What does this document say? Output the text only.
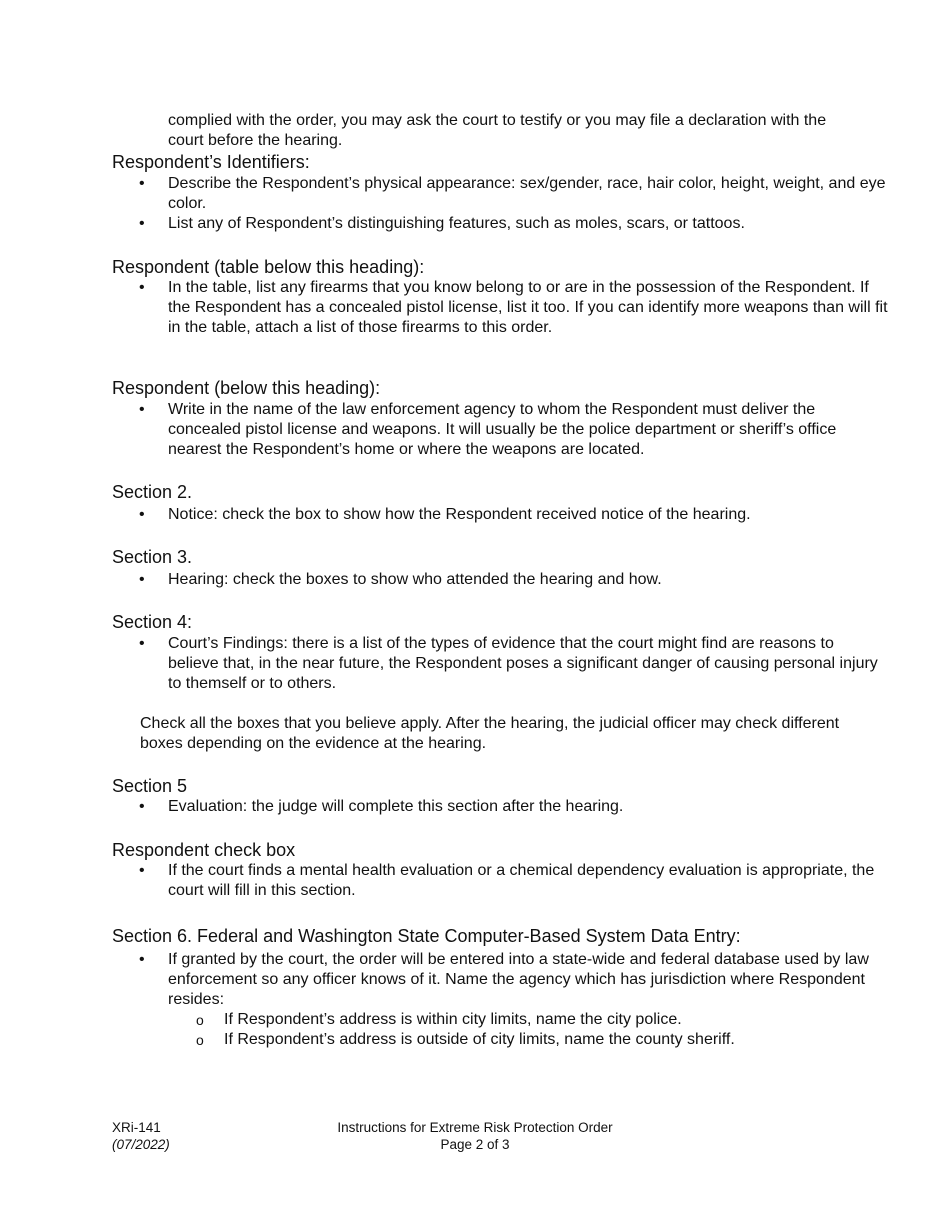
complied with the order, you may ask the court to testify or you may file a declaration with the court before the hearing.

Respondent’s Identifiers:
• Describe the Respondent’s physical appearance: sex/gender, race, hair color, height, weight, and eye color.
• List any of Respondent’s distinguishing features, such as moles, scars, or tattoos.
Respondent (table below this heading):
• In the table, list any firearms that you know belong to or are in the possession of the Respondent. If the Respondent has a concealed pistol license, list it too. If you can identify more weapons than will fit in the table, attach a list of those firearms to this order.
Respondent (below this heading):
• Write in the name of the law enforcement agency to whom the Respondent must deliver the concealed pistol license and weapons. It will usually be the police department or sheriff’s office nearest the Respondent’s home or where the weapons are located.
Section 2.
• Notice: check the box to show how the Respondent received notice of the hearing.
Section 3.
• Hearing: check the boxes to show who attended the hearing and how.
Section 4:
• Court’s Findings: there is a list of the types of evidence that the court might find are reasons to believe that, in the near future, the Respondent poses a significant danger of causing personal injury to themself or to others.

Check all the boxes that you believe apply. After the hearing, the judicial officer may check different boxes depending on the evidence at the hearing.

Section 5
• Evaluation: the judge will complete this section after the hearing.
Respondent check box
• If the court finds a mental health evaluation or a chemical dependency evaluation is appropriate, the court will fill in this section.
Section 6. Federal and Washington State Computer-Based System Data Entry:
• If granted by the court, the order will be entered into a state-wide and federal database used by law enforcement so any officer knows of it. Name the agency which has jurisdiction where Respondent resides:
o If Respondent’s address is within city limits, name the city police.
o If Respondent’s address is outside of city limits, name the county sheriff.
XRi-141
(07/2022)
Instructions for Extreme Risk Protection Order
Page 2 of 3
